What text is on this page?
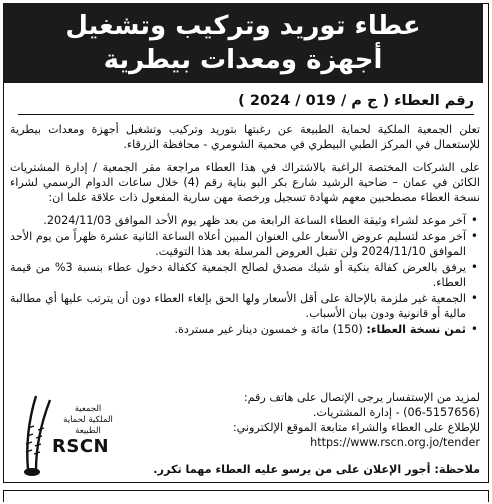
عطاء توريد وتركيب وتشغيل
أجهزة ومعدات بيطرية
رقم العطاء ( ج م / 019 / 2024 )

تعلن الجمعية الملكية لحماية الطبيعة عن رغبتها بتوريد وتركيب وتشغيل أجهزة ومعدات بيطرية للإستعمال في المركز الطبي البيطري في محمية الشومري - محافظة الزرقاء.

على الشركات المختصة الراغبة بالاشتراك في هذا العطاء مراجعة مقر الجمعية / إدارة المشتريات الكائن في عمان – ضاحية الرشيد شارع بكر البو بناية رقم (4) خلال ساعات الدوام الرسمي لشراء نسخة العطاء مصطحبين معهم شهادة تسجيل ورخصة مهن سارية المفعول ذات علاقة علما ان:

• آخر موعد لشراء وثيقة العطاء الساعة الرابعة من بعد ظهر يوم الأحد الموافق 2024/11/03.
• آخر موعد لتسليم عروض الأسعار على العنوان المبين أعلاه الساعة الثانية عشرة ظهراً من يوم الأحد الموافق 2024/11/10 ولن تقبل العروض المرسلة بعد هذا التوقيت.
• يرفق بالعرض كفالة بنكية أو شيك مصدق لصالح الجمعية ككفالة دخول عطاء بنسبة 3% من قيمة العطاء.
• الجمعية غير ملزمة بالإحالة على أقل الأسعار ولها الحق بإلغاء العطاء دون أن يترتب عليها أي مطالبة مالية أو قانونية ودون بيان الأسباب.
• ثمن نسخة العطاء: (150) مائة و خمسون دينار غير مستردة.
لمزيد من الإستفسار يرجى الإتصال على هاتف رقم:
(06-5157656) - إدارة المشتريات.
للإطلاع على العطاء والشراء متابعة الموقع الإلكتروني:
https://www.rscn.org.jo/tender
ملاحظة: أجور الإعلان على من يرسو عليه العطاء مهما تكرر.
الجمعية الملكية لحماية الطبيعة
RSCN
